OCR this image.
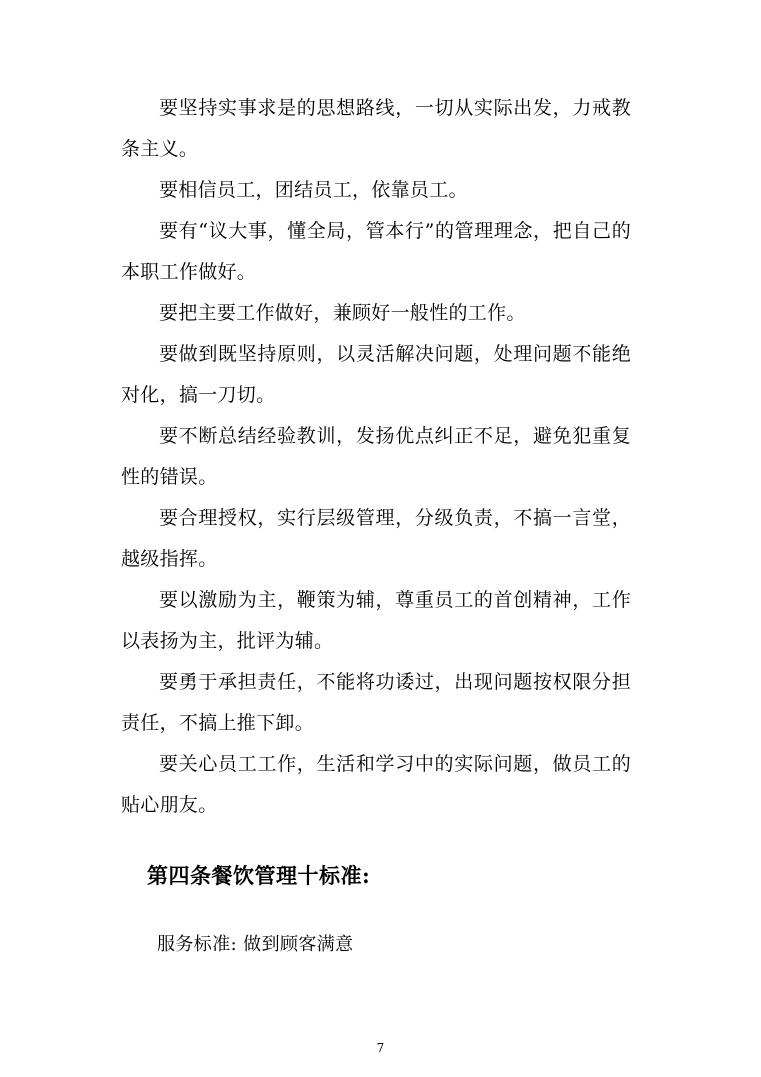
要坚持实事求是的思想路线，一切从实际出发，力戒教条主义。

要相信员工，团结员工，依靠员工。

要有“议大事，懂全局，管本行”的管理理念，把自己的本职工作做好。

要把主要工作做好，兼顾好一般性的工作。

要做到既坚持原则，以灵活解决问题，处理问题不能绝对化，搞一刀切。

要不断总结经验教训，发扬优点纠正不足，避免犯重复性的错误。

要合理授权，实行层级管理，分级负责，不搞一言堂，越级指挥。

要以激励为主，鞭策为辅，尊重员工的首创精神，工作以表扬为主，批评为辅。

要勇于承担责任，不能将功诿过，出现问题按权限分担责任，不搞上推下卸。

要关心员工工作，生活和学习中的实际问题，做员工的贴心朋友。

第四条餐饮管理十标准:

服务标准: 做到顾客满意

7
